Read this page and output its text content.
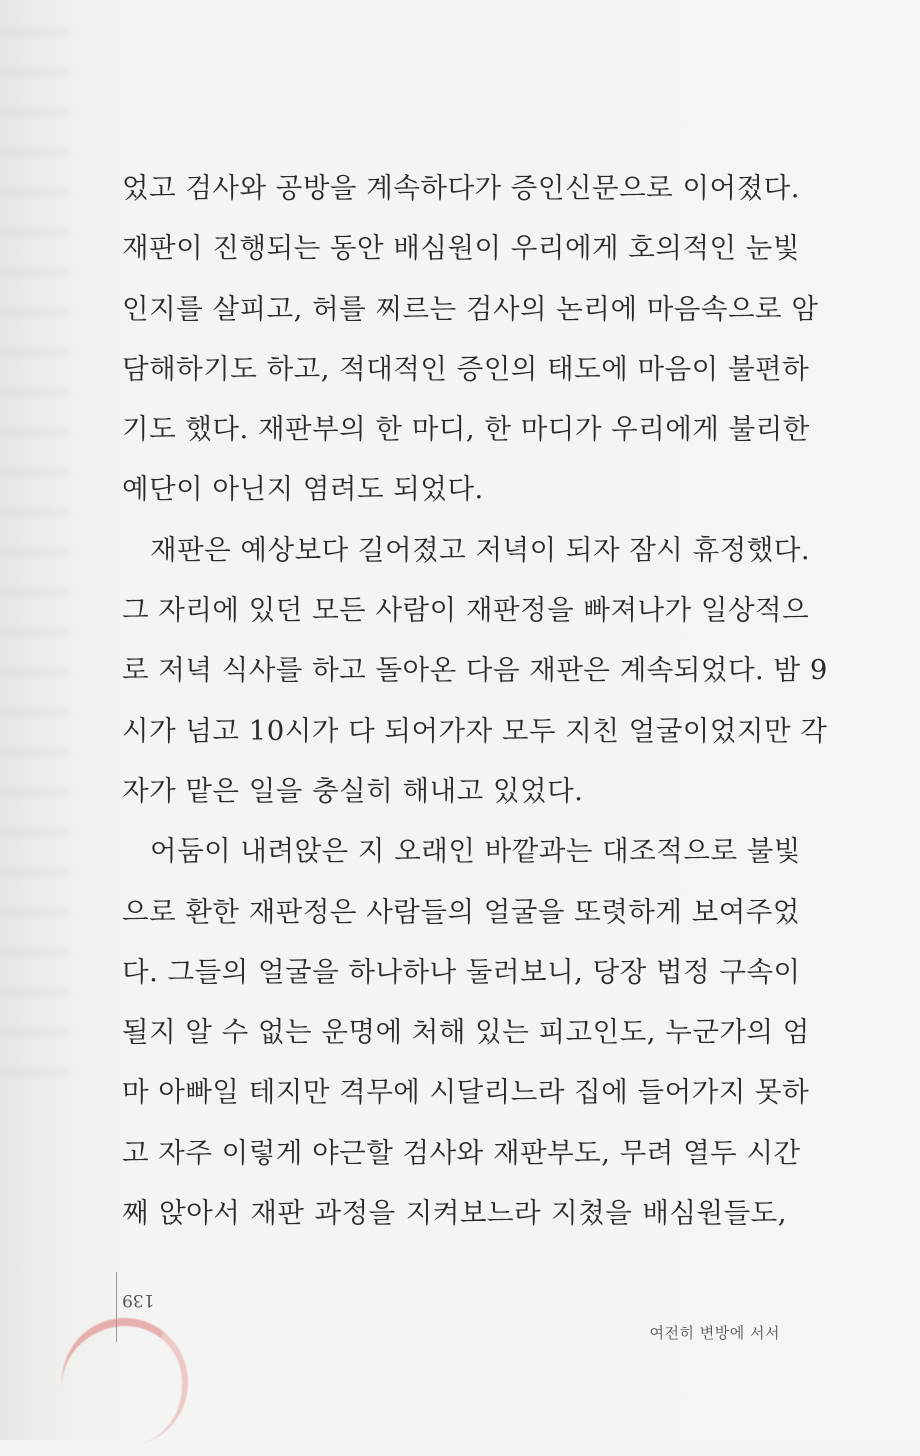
었고 검사와 공방을 계속하다가 증인신문으로 이어졌다.
재판이 진행되는 동안 배심원이 우리에게 호의적인 눈빛
인지를 살피고, 허를 찌르는 검사의 논리에 마음속으로 암
담해하기도 하고, 적대적인 증인의 태도에 마음이 불편하
기도 했다. 재판부의 한 마디, 한 마디가 우리에게 불리한
예단이 아닌지 염려도 되었다.
　재판은 예상보다 길어졌고 저녁이 되자 잠시 휴정했다.
그 자리에 있던 모든 사람이 재판정을 빠져나가 일상적으
로 저녁 식사를 하고 돌아온 다음 재판은 계속되었다. 밤 9
시가 넘고 10시가 다 되어가자 모두 지친 얼굴이었지만 각
자가 맡은 일을 충실히 해내고 있었다.
　어둠이 내려앉은 지 오래인 바깥과는 대조적으로 불빛
으로 환한 재판정은 사람들의 얼굴을 또렷하게 보여주었
다. 그들의 얼굴을 하나하나 둘러보니, 당장 법정 구속이
될지 알 수 없는 운명에 처해 있는 피고인도, 누군가의 엄
마 아빠일 테지만 격무에 시달리느라 집에 들어가지 못하
고 자주 이렇게 야근할 검사와 재판부도, 무려 열두 시간
째 앉아서 재판 과정을 지켜보느라 지쳤을 배심원들도,
139
여전히 변방에 서서
